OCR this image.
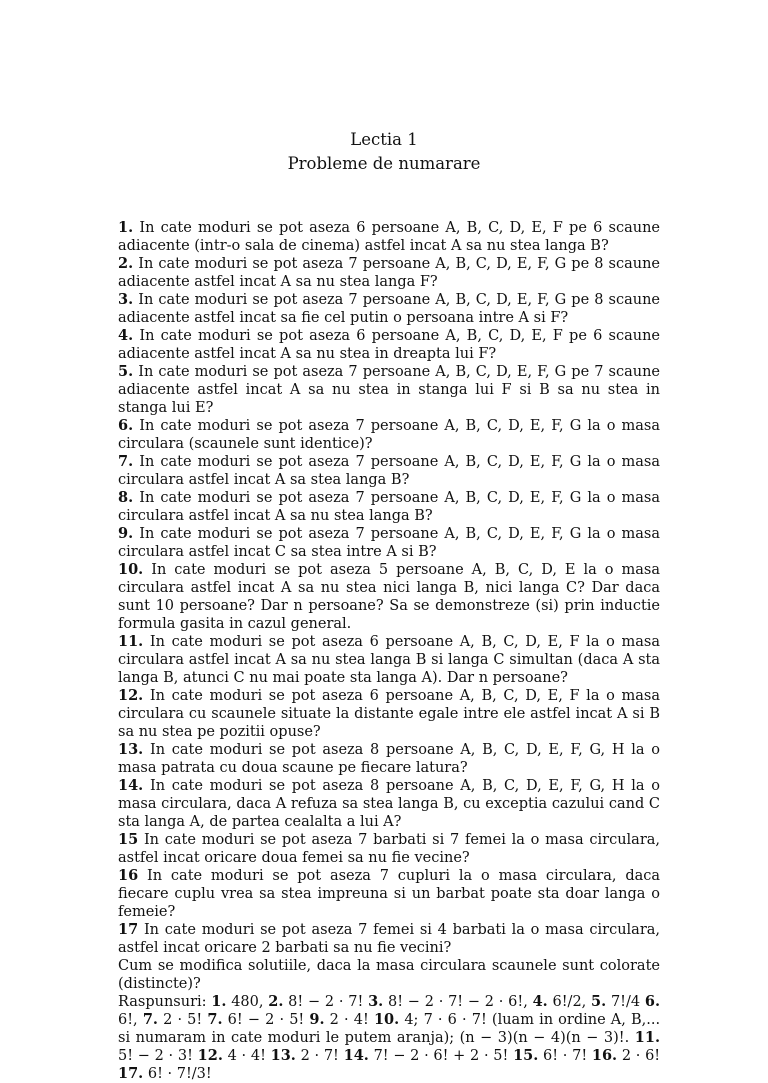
Lectia 1
Probleme de numarare

1. In cate moduri se pot aseza 6 persoane A, B, C, D, E, F pe 6 scaune adiacente (intr-o sala de cinema) astfel incat A sa nu stea langa B?

2. In cate moduri se pot aseza 7 persoane A, B, C, D, E, F, G pe 8 scaune adiacente astfel incat A sa nu stea langa F?

3. In cate moduri se pot aseza 7 persoane A, B, C, D, E, F, G pe 8 scaune adiacente astfel incat sa fie cel putin o persoana intre A si F?

4. In cate moduri se pot aseza 6 persoane A, B, C, D, E, F pe 6 scaune adiacente astfel incat A sa nu stea in dreapta lui F?

5. In cate moduri se pot aseza 7 persoane A, B, C, D, E, F, G pe 7 scaune adiacente astfel incat A sa nu stea in stanga lui F si B sa nu stea in stanga lui E?

6. In cate moduri se pot aseza 7 persoane A, B, C, D, E, F, G la o masa circulara (scaunele sunt identice)?

7. In cate moduri se pot aseza 7 persoane A, B, C, D, E, F, G la o masa circulara astfel incat A sa stea langa B?

8. In cate moduri se pot aseza 7 persoane A, B, C, D, E, F, G la o masa circulara astfel incat A sa nu stea langa B?

9. In cate moduri se pot aseza 7 persoane A, B, C, D, E, F, G la o masa circulara astfel incat C sa stea intre A si B?

10. In cate moduri se pot aseza 5 persoane A, B, C, D, E la o masa circulara astfel incat A sa nu stea nici langa B, nici langa C? Dar daca sunt 10 persoane? Dar n persoane? Sa se demonstreze (si) prin inductie formula gasita in cazul general.

11. In cate moduri se pot aseza 6 persoane A, B, C, D, E, F la o masa circulara astfel incat A sa nu stea langa B si langa C simultan (daca A sta langa B, atunci C nu mai poate sta langa A). Dar n persoane?

12. In cate moduri se pot aseza 6 persoane A, B, C, D, E, F la o masa circulara cu scaunele situate la distante egale intre ele astfel incat A si B sa nu stea pe pozitii opuse?

13. In cate moduri se pot aseza 8 persoane A, B, C, D, E, F, G, H la o masa patrata cu doua scaune pe fiecare latura?

14. In cate moduri se pot aseza 8 persoane A, B, C, D, E, F, G, H la o masa circulara, daca A refuza sa stea langa B, cu exceptia cazului cand C sta langa A, de partea cealalta a lui A?

15 In cate moduri se pot aseza 7 barbati si 7 femei la o masa circulara, astfel incat oricare doua femei sa nu fie vecine?

16 In cate moduri se pot aseza 7 cupluri la o masa circulara, daca fiecare cuplu vrea sa stea impreuna si un barbat poate sta doar langa o femeie?

17 In cate moduri se pot aseza 7 femei si 4 barbati la o masa circulara, astfel incat oricare 2 barbati sa nu fie vecini?

Cum se modifica solutiile, daca la masa circulara scaunele sunt colorate (distincte)?

Raspunsuri: 1. 480, 2. 8! − 2 · 7! 3. 8! − 2 · 7! − 2 · 6!, 4. 6!/2, 5. 7!/4 6. 6!, 7. 2 · 5! 7. 6! − 2 · 5! 9. 2 · 4! 10. 4; 7 · 6 · 7! (luam in ordine A, B,... si numaram in cate moduri le putem aranja); (n − 3)(n − 4)(n − 3)!. 11. 5! − 2 · 3! 12. 4 · 4! 13. 2 · 7! 14. 7! − 2 · 6! + 2 · 5! 15. 6! · 7! 16. 2 · 6! 17. 6! · 7!/3!
